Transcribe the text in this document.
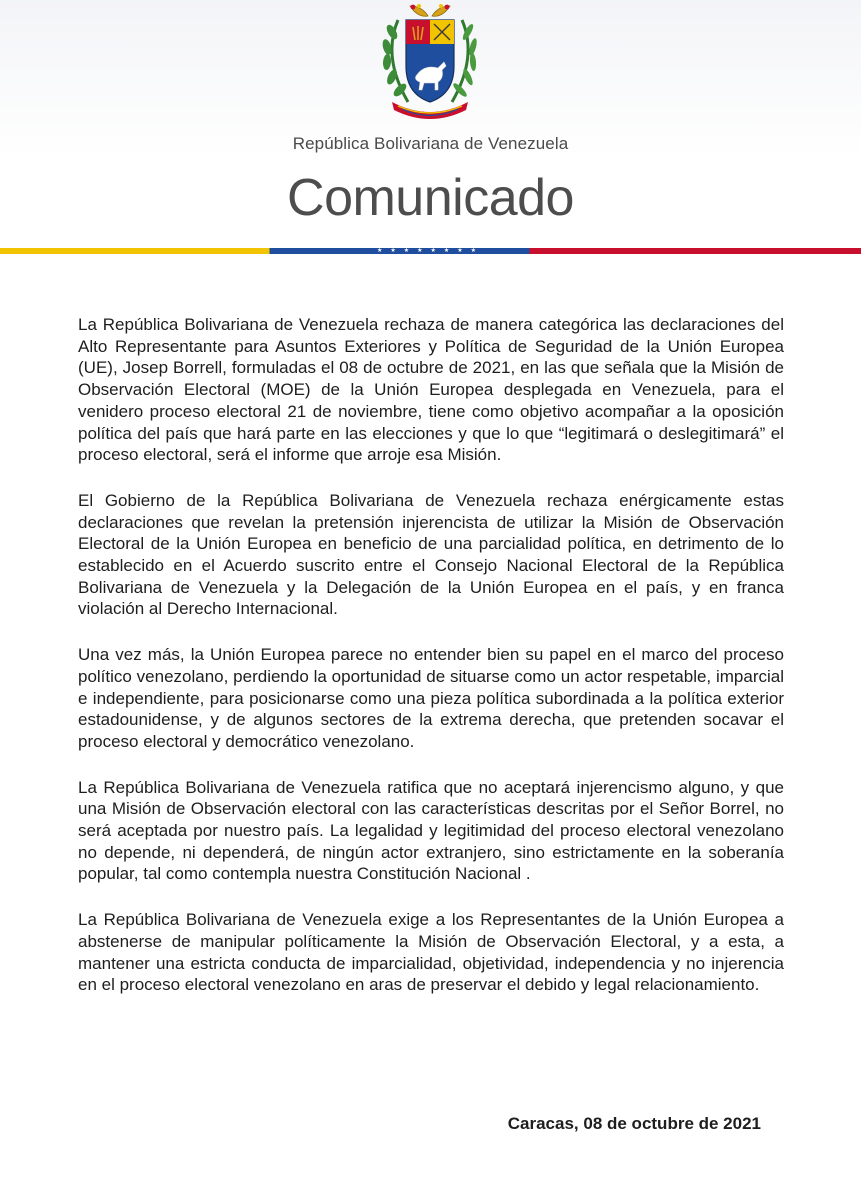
República Bolivariana de Venezuela
Comunicado
★★★★★★★★

La República Bolivariana de Venezuela rechaza de manera categórica las declaraciones del Alto Representante para Asuntos Exteriores y Política de Seguridad de la Unión Europea (UE), Josep Borrell, formuladas el 08 de octubre de 2021, en las que señala que la Misión de Observación Electoral (MOE) de la Unión Europea desplegada en Venezuela, para el venidero proceso electoral 21 de noviembre, tiene como objetivo acompañar a la oposición política del país que hará parte en las elecciones y que lo que “legitimará o deslegitimará” el proceso electoral, será el informe que arroje esa Misión.

El Gobierno de la República Bolivariana de Venezuela rechaza enérgicamente estas declaraciones que revelan la pretensión injerencista de utilizar la Misión de Observación Electoral de la Unión Europea en beneficio de una parcialidad política, en detrimento de lo establecido en el Acuerdo suscrito entre el Consejo Nacional Electoral de la República Bolivariana de Venezuela y la Delegación de la Unión Europea en el país, y en franca violación al Derecho Internacional.

Una vez más, la Unión Europea parece no entender bien su papel en el marco del proceso político venezolano, perdiendo la oportunidad de situarse como un actor respetable, imparcial e independiente, para posicionarse como una pieza política subordinada a la política exterior estadounidense, y de algunos sectores de la extrema derecha, que pretenden socavar el proceso electoral y democrático venezolano.

La República Bolivariana de Venezuela ratifica que no aceptará injerencismo alguno, y que una Misión de Observación electoral con las características descritas por el Señor Borrel, no será aceptada por nuestro país. La legalidad y legitimidad del proceso electoral venezolano no depende, ni dependerá, de ningún actor extranjero, sino estrictamente en la soberanía popular, tal como contempla nuestra Constitución Nacional .

La República Bolivariana de Venezuela exige a los Representantes de la Unión Europea a abstenerse de manipular políticamente la Misión de Observación Electoral, y a esta, a mantener una estricta conducta de imparcialidad, objetividad, independencia y no injerencia en el proceso electoral venezolano en aras de preservar el debido y legal relacionamiento.

Caracas, 08 de octubre de 2021
